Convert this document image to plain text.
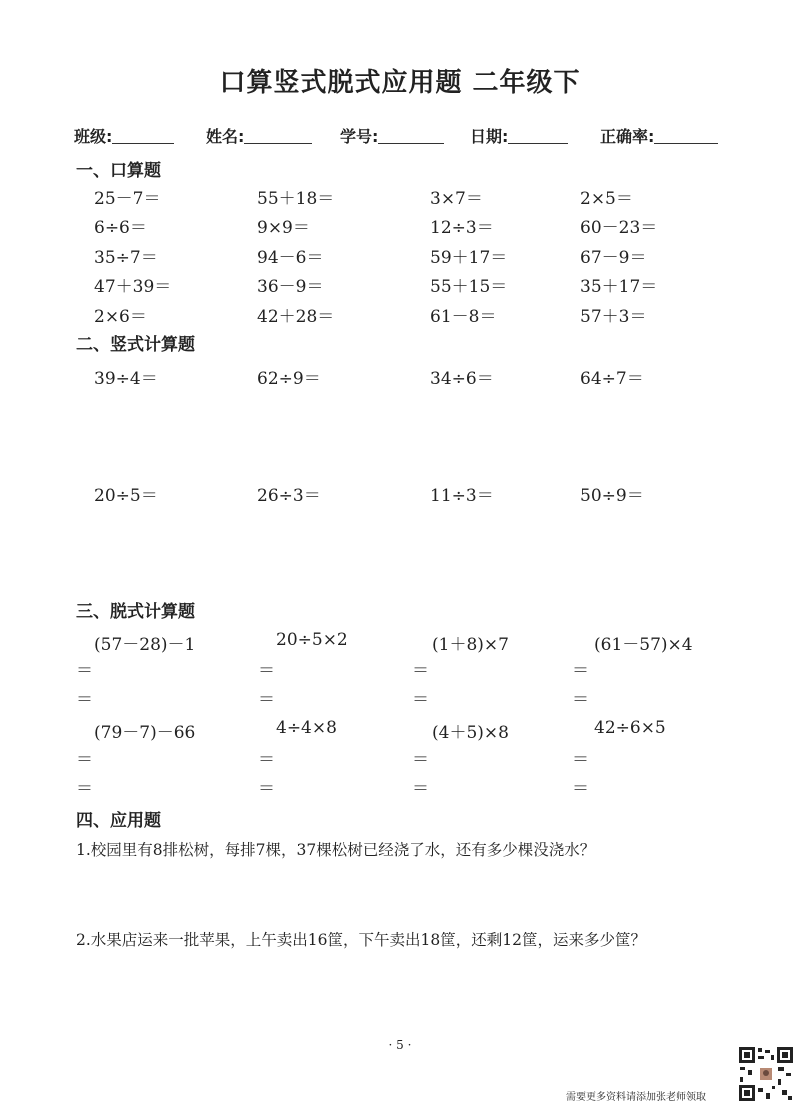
口算竖式脱式应用题 二年级下
班级:	姓名:	学号:	日期:	正确率:
一、口算题
25－7＝	55＋18＝	3×7＝	2×5＝
6÷6＝	9×9＝	12÷3＝	60－23＝
35÷7＝	94－6＝	59＋17＝	67－9＝
47＋39＝	36－9＝	55＋15＝	35＋17＝
2×6＝	42＋28＝	61－8＝	57＋3＝
二、竖式计算题
39÷4＝	62÷9＝	34÷6＝	64÷7＝
20÷5＝	26÷3＝	11÷3＝	50÷9＝
三、脱式计算题
(57－28)－1	20÷5×2	(1＋8)×7	(61－57)×4
＝	＝	＝	＝
＝	＝	＝	＝
(79－7)－66	4÷4×8	(4＋5)×8	42÷6×5
＝	＝	＝	＝
＝	＝	＝	＝
四、应用题
1.校园里有8排松树，每排7棵，37棵松树已经浇了水，还有多少棵没浇水？
2.水果店运来一批苹果，上午卖出16筐，下午卖出18筐，还剩12筐，运来多少筐？
· 5 ·
需要更多资料请添加张老师领取
